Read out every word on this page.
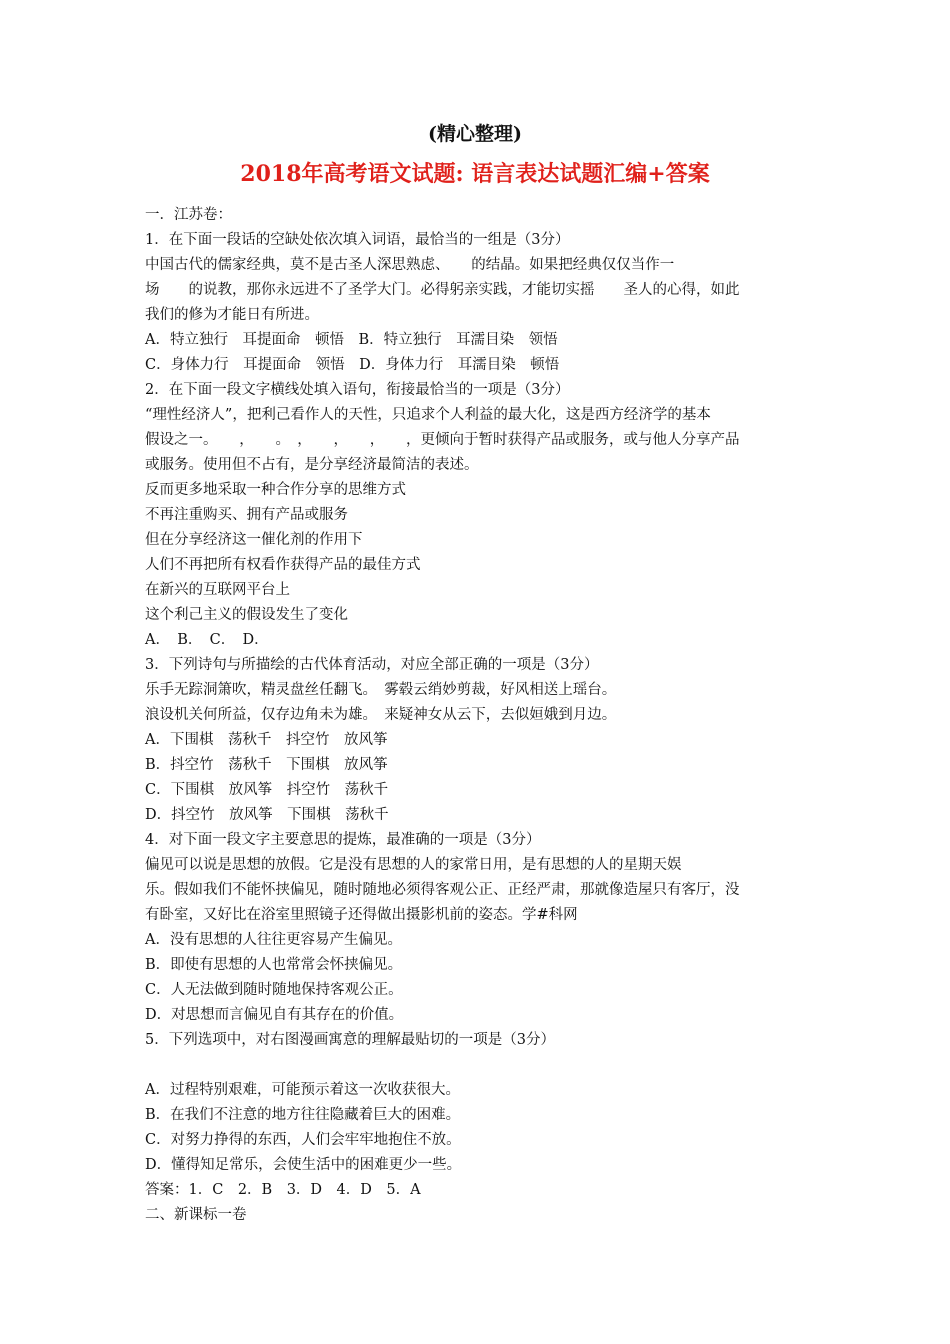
(精心整理)
2018年高考语文试题: 语言表达试题汇编+答案
一．江苏卷：
1．在下面一段话的空缺处依次填入词语，最恰当的一组是（3分）
中国古代的儒家经典，莫不是古圣人深思熟虑、　　的结晶。如果把经典仅仅当作一
场　　的说教，那你永远进不了圣学大门。必得躬亲实践，才能切实摇　　圣人的心得，如此
我们的修为才能日有所进。
A．特立独行　耳提面命　顿悟　B．特立独行　耳濡目染　领悟
C．身体力行　耳提面命　领悟　D．身体力行　耳濡目染　顿悟
2．在下面一段文字横线处填入语句，衔接最恰当的一项是（3分）
“理性经济人”，把利己看作人的天性，只追求个人利益的最大化，这是西方经济学的基本
假设之一。　　，　　。　，　　，　　，　　，更倾向于暂时获得产品或服务，或与他人分享产品
或服务。使用但不占有，是分享经济最简洁的表述。
反而更多地采取一种合作分享的思维方式
不再注重购买、拥有产品或服务
但在分享经济这一催化剂的作用下
人们不再把所有权看作获得产品的最佳方式
在新兴的互联网平台上
这个利己主义的假设发生了变化
A．　B．　C．　D．
3．下列诗句与所描绘的古代体育活动，对应全部正确的一项是（3分）
乐手无踪洞箫吹，精灵盘丝任翻飞。　雾毂云绡妙剪裁，好风相送上瑶台。
浪设机关何所益，仅存边角未为雄。　来疑神女从云下，去似姮娥到月边。
A．下围棋　荡秋千　抖空竹　放风筝
B．抖空竹　荡秋千　下围棋　放风筝
C．下围棋　放风筝　抖空竹　荡秋千
D．抖空竹　放风筝　下围棋　荡秋千
4．对下面一段文字主要意思的提炼，最准确的一项是（3分）
偏见可以说是思想的放假。它是没有思想的人的家常日用，是有思想的人的星期天娱
乐。假如我们不能怀挟偏见，随时随地必须得客观公正、正经严肃，那就像造屋只有客厅，没
有卧室，又好比在浴室里照镜子还得做出摄影机前的姿态。学#科网
A．没有思想的人往往更容易产生偏见。
B．即使有思想的人也常常会怀挟偏见。
C．人无法做到随时随地保持客观公正。
D．对思想而言偏见自有其存在的价值。
5．下列选项中，对右图漫画寓意的理解最贴切的一项是（3分）
A．过程特别艰难，可能预示着这一次收获很大。
B．在我们不注意的地方往往隐藏着巨大的困难。
C．对努力挣得的东西，人们会牢牢地抱住不放。
D．懂得知足常乐，会使生活中的困难更少一些。
答案：1．C　2．B　3．D　4．D　5．A
二、新课标一卷
